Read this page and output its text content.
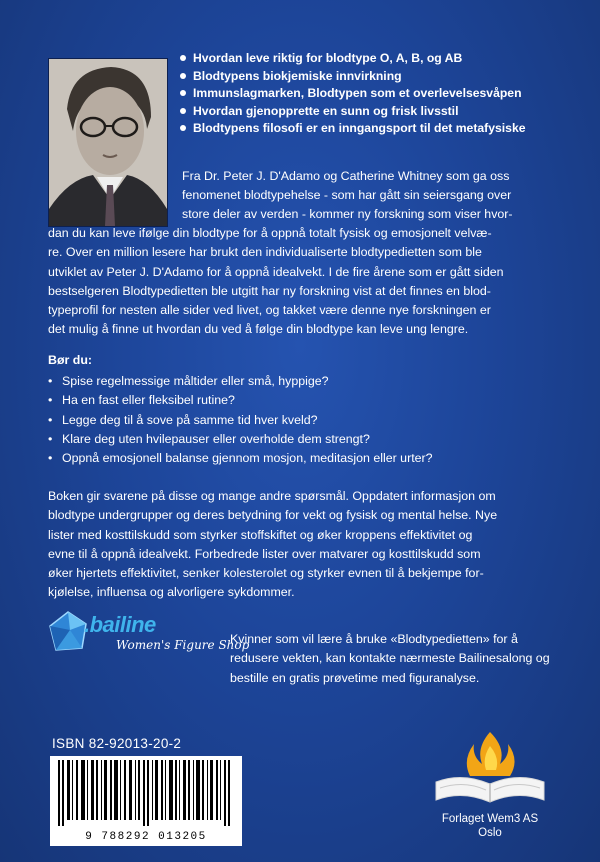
Hvordan leve riktig for blodtype O, A, B, og AB
Blodtypens biokjemiske innvirkning
Immunslagmarken, Blodtypen som et overlevelsesvåpen
Hvordan gjenopprette en sunn og frisk livsstil
Blodtypens filosofi er en inngangsport til det metafysiske

Fra Dr. Peter J. D'Adamo og Catherine Whitney som ga oss

fenomenet blodtypehelse - som har gått sin seiersgang over

store deler av verden - kommer ny forskning som viser hvor-

dan du kan leve ifølge din blodtype for å oppnå totalt fysisk og emosjonelt velvæ-

re. Over en million lesere har brukt den individualiserte blodtypedietten som ble

utviklet av Peter J. D'Adamo for å oppnå idealvekt. I de fire årene som er gått siden

bestselgeren Blodtypedietten ble utgitt har ny forskning vist at det finnes en blod-

typeprofil for nesten alle sider ved livet, og takket være denne nye forskningen er

det mulig å finne ut hvordan du ved å følge din blodtype kan leve ung lengre.

Bør du:
• Spise regelmessige måltider eller små, hyppige?
• Ha en fast eller fleksibel rutine?
• Legge deg til å sove på samme tid hver kveld?
• Klare deg uten hvilepauser eller overholde dem strengt?
• Oppnå emosjonell balanse gjennom mosjon, meditasjon eller urter?

Boken gir svarene på disse og mange andre spørsmål. Oppdatert informasjon om

blodtype undergrupper og deres betydning for vekt og fysisk og mental helse. Nye

lister med kosttilskudd som styrker stoffskiftet og øker kroppens effektivitet og

evne til å oppnå idealvekt. Forbedrede lister over matvarer og kosttilskudd som

øker hjertets effektivitet, senker kolesterolet og styrker evnen til å bekjempe for-

kjølelse, influensa og alvorligere sykdommer.

.bailine
Women's Figure Shop

Kvinner som vil lære å bruke «Blodtypedietten» for å

redusere vekten, kan kontakte nærmeste Bailinesalong og

bestille en gratis prøvetime med figuranalyse.

ISBN 82-92013-20-2
9 788292 013205
Forlaget Wem3 AS
Oslo
